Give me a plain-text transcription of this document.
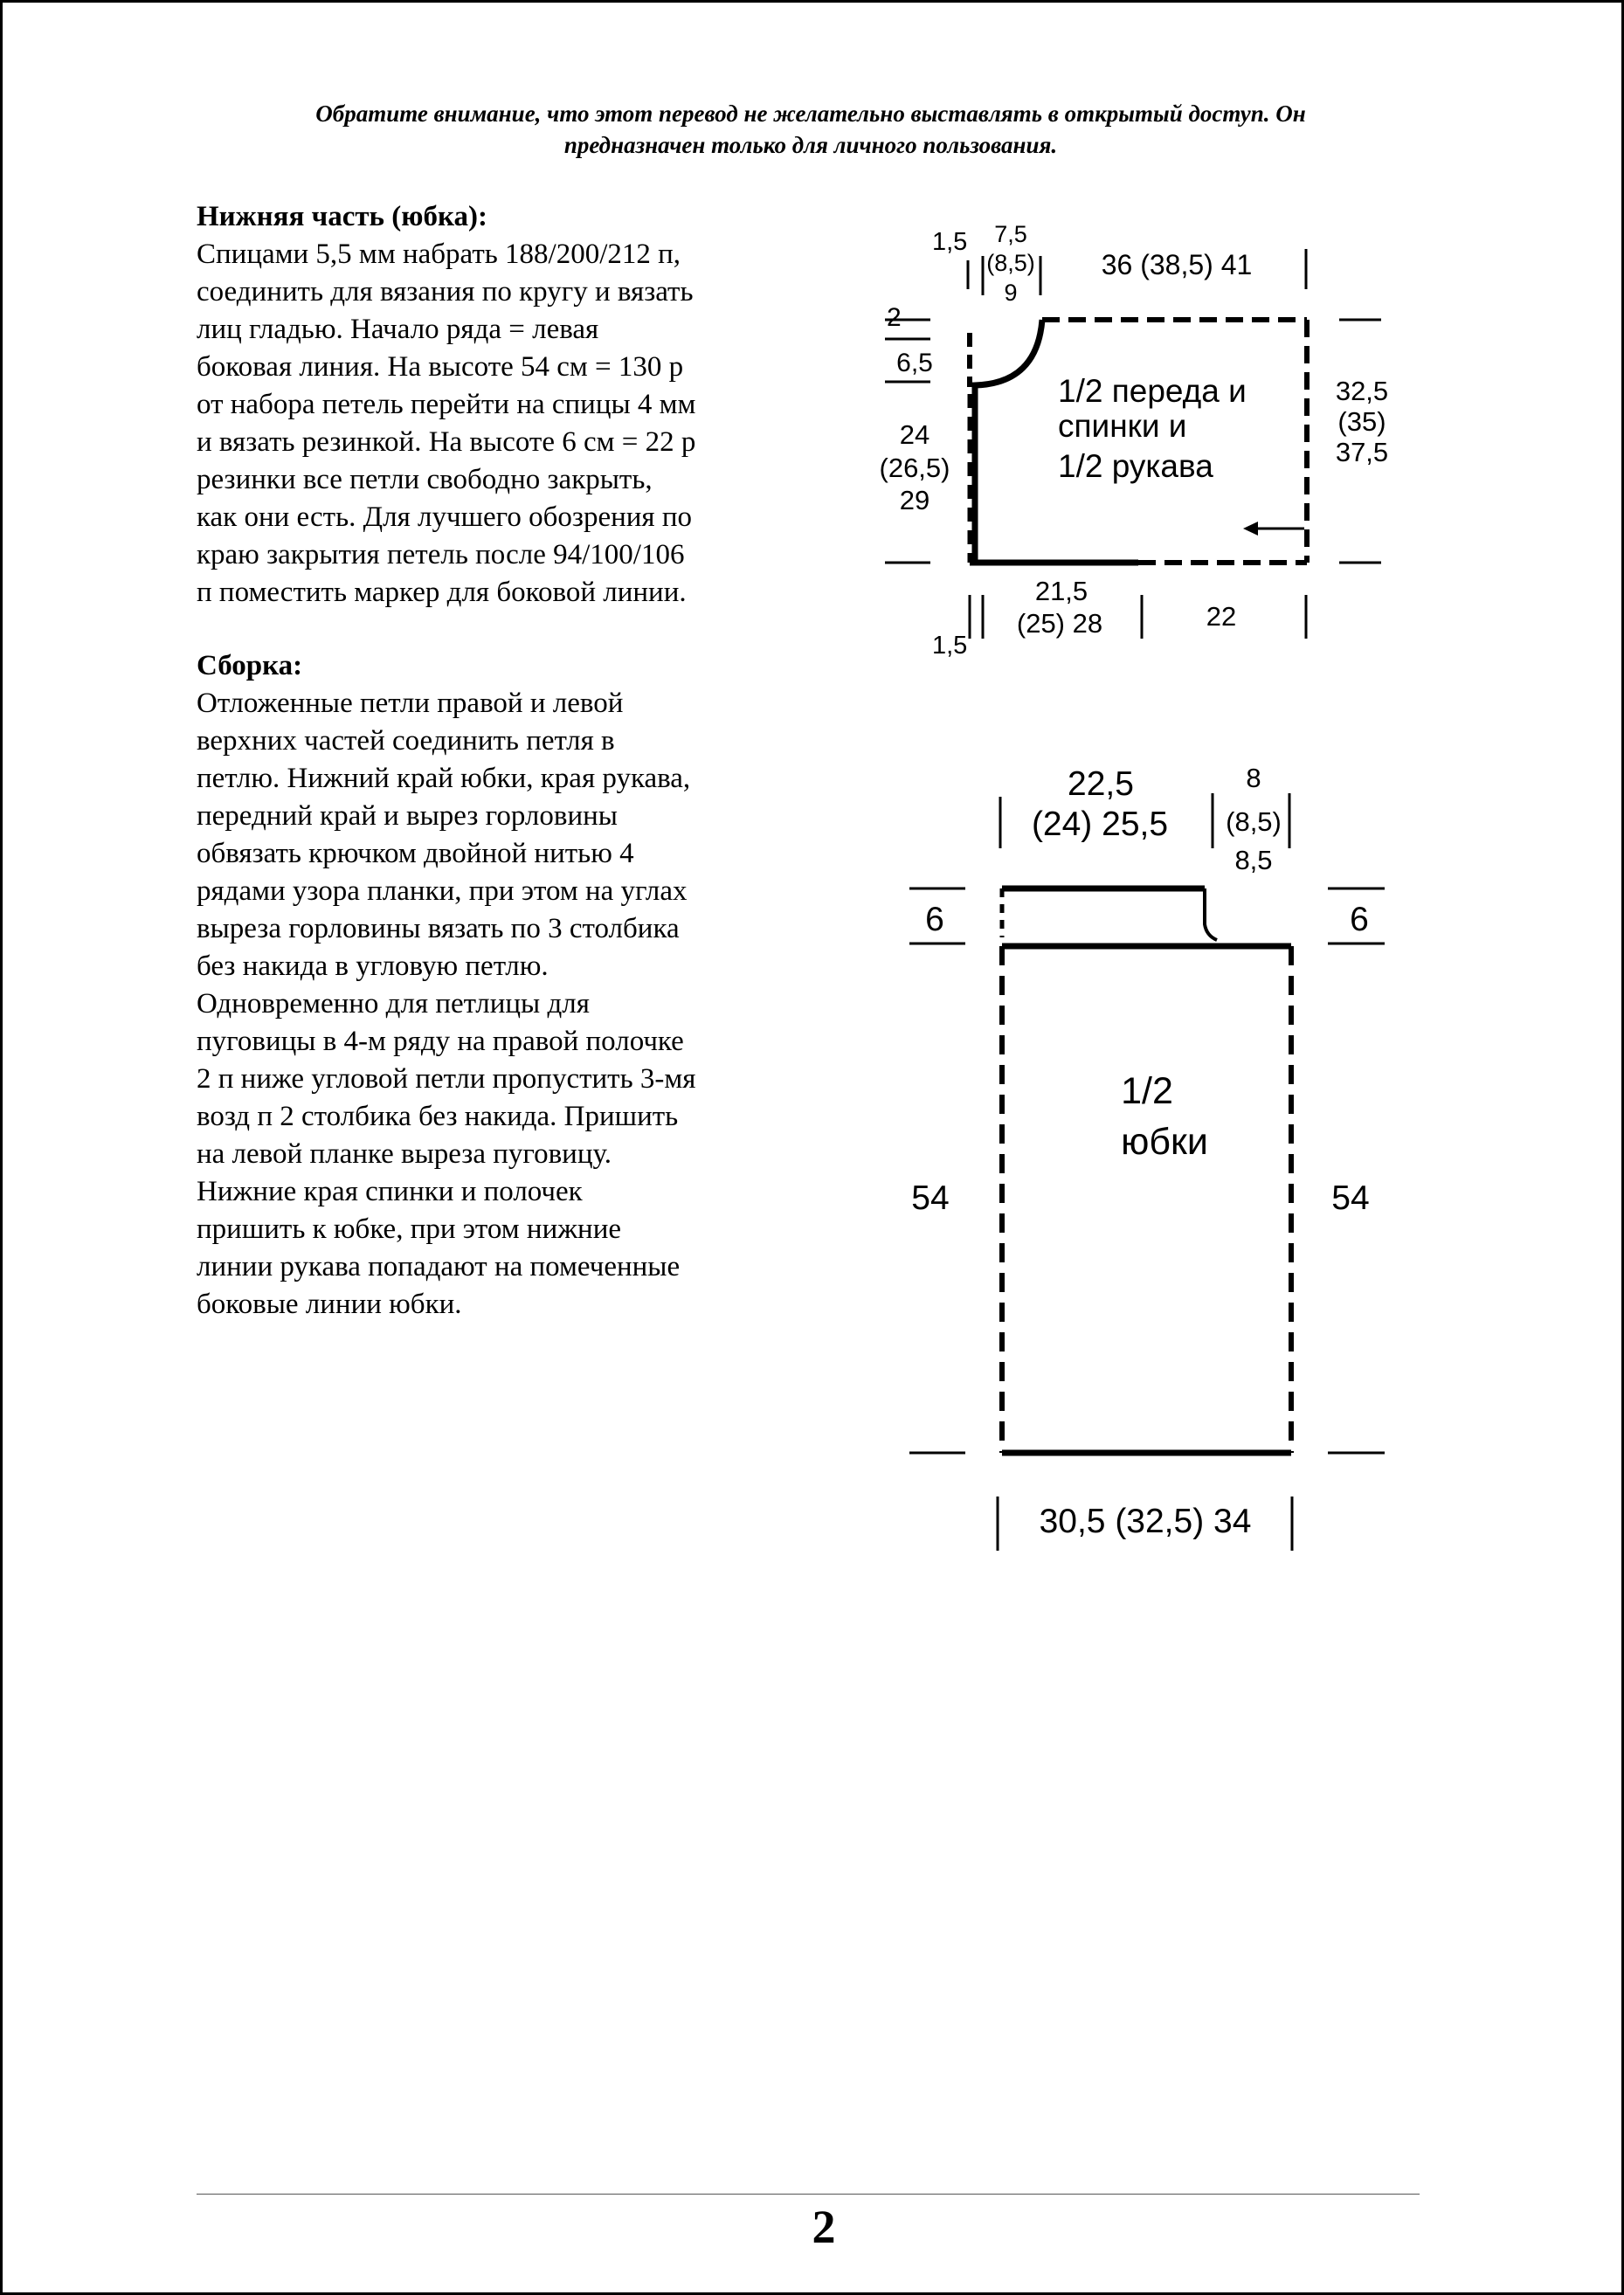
Обратите внимание, что этот перевод не желательно выставлять в открытый доступ. Он
предназначен только для личного пользования.
Нижняя часть (юбка):
Спицами 5,5 мм набрать 188/200/212 п,
соединить для вязания по кругу и вязать
лиц гладью. Начало ряда = левая
боковая линия. На высоте 54 см = 130 р
от набора петель перейти на спицы 4 мм
и вязать резинкой. На высоте 6 см = 22 р
резинки все петли свободно закрыть,
как они есть. Для лучшего обозрения по
краю закрытия петель после 94/100/106
п поместить маркер для боковой линии.
Сборка:
Отложенные петли правой и левой
верхних частей соединить петля в
петлю. Нижний край юбки, края рукава,
передний край и вырез горловины
обвязать крючком двойной нитью 4
рядами узора планки, при этом на углах
выреза горловины вязать по 3 столбика
без накида в угловую петлю.
Одновременно для петлицы для
пуговицы в 4-м ряду на правой полочке
2 п ниже угловой петли пропустить 3-мя
возд п 2 столбика без накида. Пришить
на левой планке выреза пуговицу.
Нижние края спинки и полочек
пришить к юбке, при этом нижние
линии рукава попадают на помеченные
боковые линии юбки.
1,5 7,5
(8,5)
9
36 (38,5) 41
2
6,5
24
(26,5)
29
32,5
(35)
37,5
1/2 переда и
спинки и
1/2 рукава
21,5
(25) 28	22
1,5
22,5
(24) 25,5
8
(8,5)
8,5
6	6
54	54
1/2
юбки
30,5 (32,5) 34
2
